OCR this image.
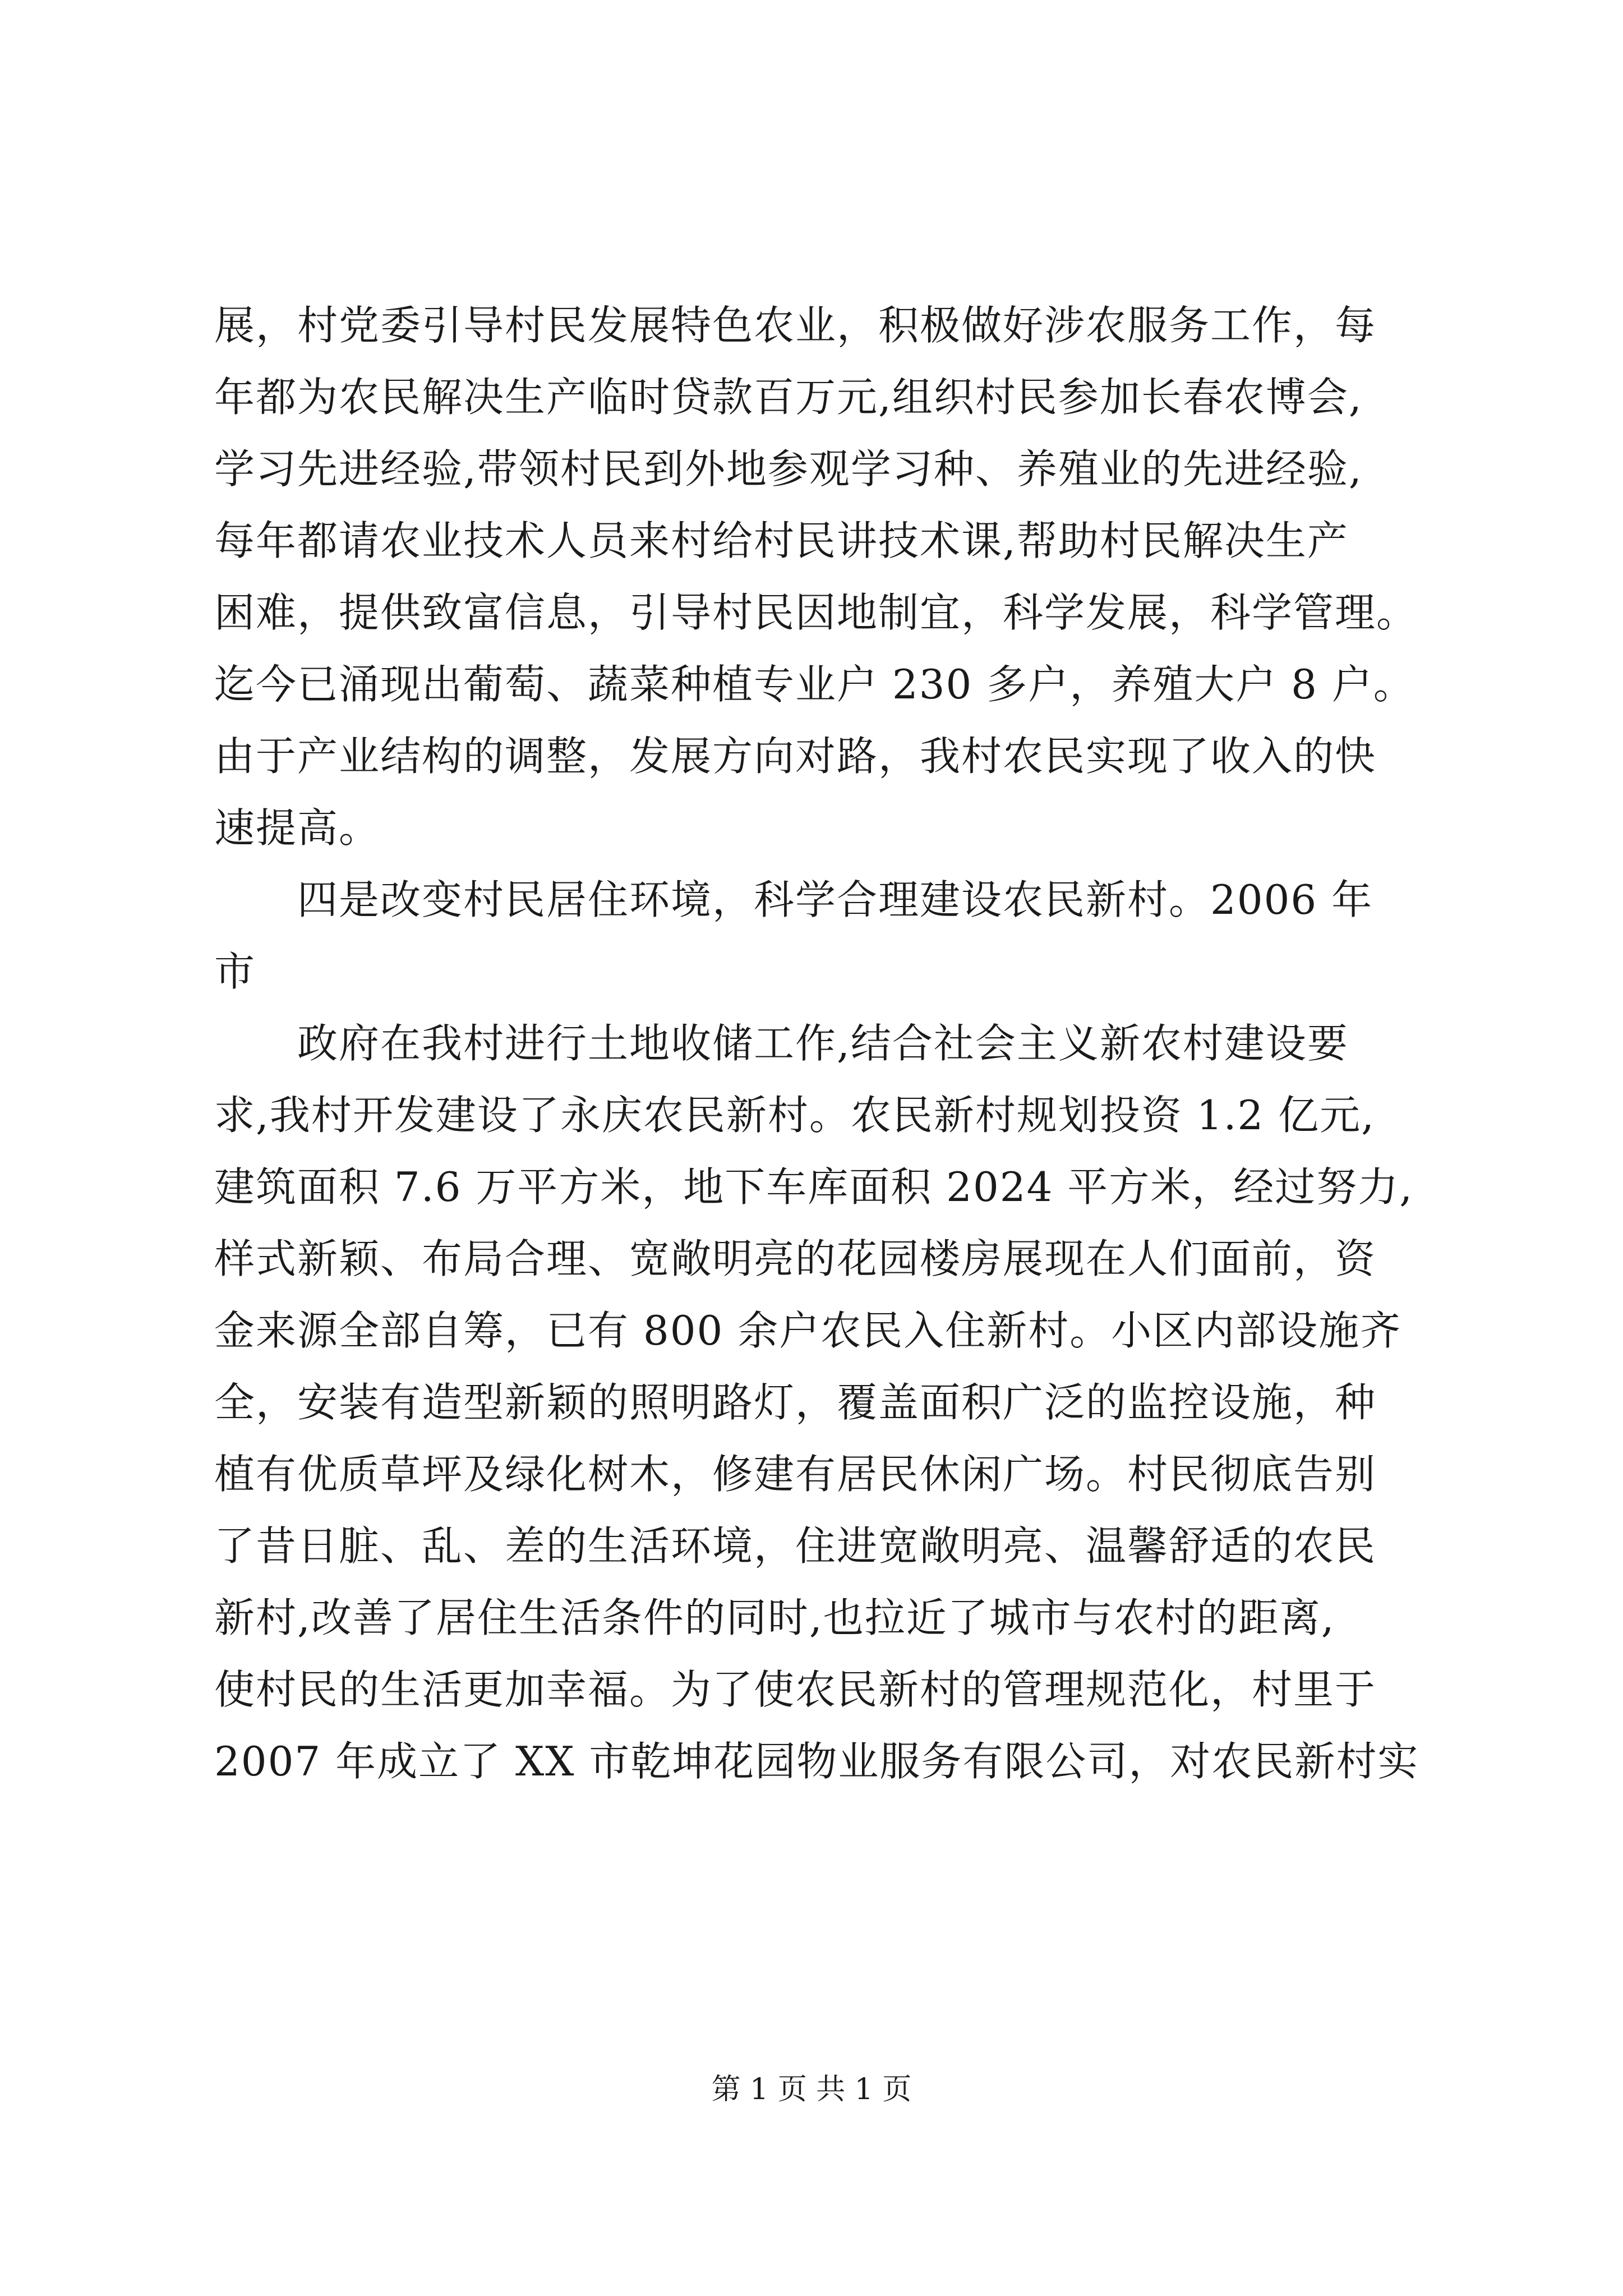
展，村党委引导村民发展特色农业，积极做好涉农服务工作，每
年都为农民解决生产临时贷款百万元,组织村民参加长春农博会,
学习先进经验,带领村民到外地参观学习种、养殖业的先进经验,
每年都请农业技术人员来村给村民讲技术课,帮助村民解决生产
困难，提供致富信息，引导村民因地制宜，科学发展，科学管理。
迄今已涌现出葡萄、蔬菜种植专业户 230 多户，养殖大户 8 户。
由于产业结构的调整，发展方向对路，我村农民实现了收入的快
速提高。
　　四是改变村民居住环境，科学合理建设农民新村。2006 年
市
　　政府在我村进行土地收储工作,结合社会主义新农村建设要
求,我村开发建设了永庆农民新村。农民新村规划投资 1.2 亿元,
建筑面积 7.6 万平方米，地下车库面积 2024 平方米，经过努力,
样式新颖、布局合理、宽敞明亮的花园楼房展现在人们面前，资
金来源全部自筹，已有 800 余户农民入住新村。小区内部设施齐
全，安装有造型新颖的照明路灯，覆盖面积广泛的监控设施，种
植有优质草坪及绿化树木，修建有居民休闲广场。村民彻底告别
了昔日脏、乱、差的生活环境，住进宽敞明亮、温馨舒适的农民
新村,改善了居住生活条件的同时,也拉近了城市与农村的距离,
使村民的生活更加幸福。为了使农民新村的管理规范化，村里于
2007 年成立了 XX 市乾坤花园物业服务有限公司，对农民新村实
第 1 页 共 1 页
